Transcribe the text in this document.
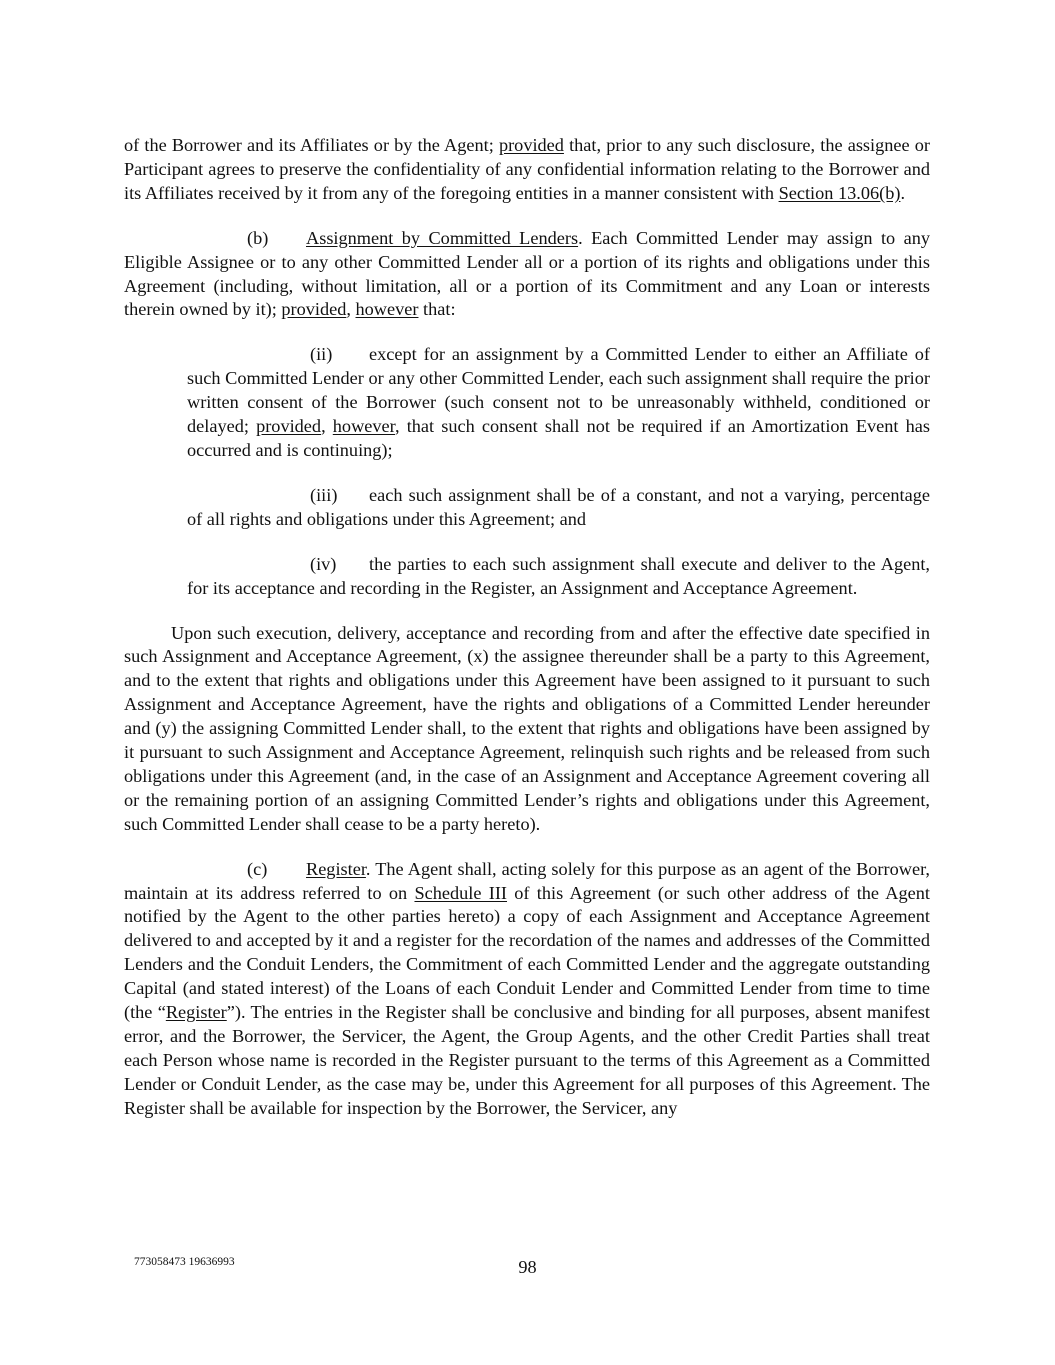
of the Borrower and its Affiliates or by the Agent; provided that, prior to any such disclosure, the assignee or Participant agrees to preserve the confidentiality of any confidential information relating to the Borrower and its Affiliates received by it from any of the foregoing entities in a manner consistent with Section 13.06(b).

(b) Assignment by Committed Lenders. Each Committed Lender may assign to any Eligible Assignee or to any other Committed Lender all or a portion of its rights and obligations under this Agreement (including, without limitation, all or a portion of its Commitment and any Loan or interests therein owned by it); provided, however that:

(ii) except for an assignment by a Committed Lender to either an Affiliate of such Committed Lender or any other Committed Lender, each such assignment shall require the prior written consent of the Borrower (such consent not to be unreasonably withheld, conditioned or delayed; provided, however, that such consent shall not be required if an Amortization Event has occurred and is continuing);

(iii) each such assignment shall be of a constant, and not a varying, percentage of all rights and obligations under this Agreement; and

(iv) the parties to each such assignment shall execute and deliver to the Agent, for its acceptance and recording in the Register, an Assignment and Acceptance Agreement.

Upon such execution, delivery, acceptance and recording from and after the effective date specified in such Assignment and Acceptance Agreement, (x) the assignee thereunder shall be a party to this Agreement, and to the extent that rights and obligations under this Agreement have been assigned to it pursuant to such Assignment and Acceptance Agreement, have the rights and obligations of a Committed Lender hereunder and (y) the assigning Committed Lender shall, to the extent that rights and obligations have been assigned by it pursuant to such Assignment and Acceptance Agreement, relinquish such rights and be released from such obligations under this Agreement (and, in the case of an Assignment and Acceptance Agreement covering all or the remaining portion of an assigning Committed Lender’s rights and obligations under this Agreement, such Committed Lender shall cease to be a party hereto).

(c) Register. The Agent shall, acting solely for this purpose as an agent of the Borrower, maintain at its address referred to on Schedule III of this Agreement (or such other address of the Agent notified by the Agent to the other parties hereto) a copy of each Assignment and Acceptance Agreement delivered to and accepted by it and a register for the recordation of the names and addresses of the Committed Lenders and the Conduit Lenders, the Commitment of each Committed Lender and the aggregate outstanding Capital (and stated interest) of the Loans of each Conduit Lender and Committed Lender from time to time (the “Register”). The entries in the Register shall be conclusive and binding for all purposes, absent manifest error, and the Borrower, the Servicer, the Agent, the Group Agents, and the other Credit Parties shall treat each Person whose name is recorded in the Register pursuant to the terms of this Agreement as a Committed Lender or Conduit Lender, as the case may be, under this Agreement for all purposes of this Agreement. The Register shall be available for inspection by the Borrower, the Servicer, any

773058473 19636993	98
